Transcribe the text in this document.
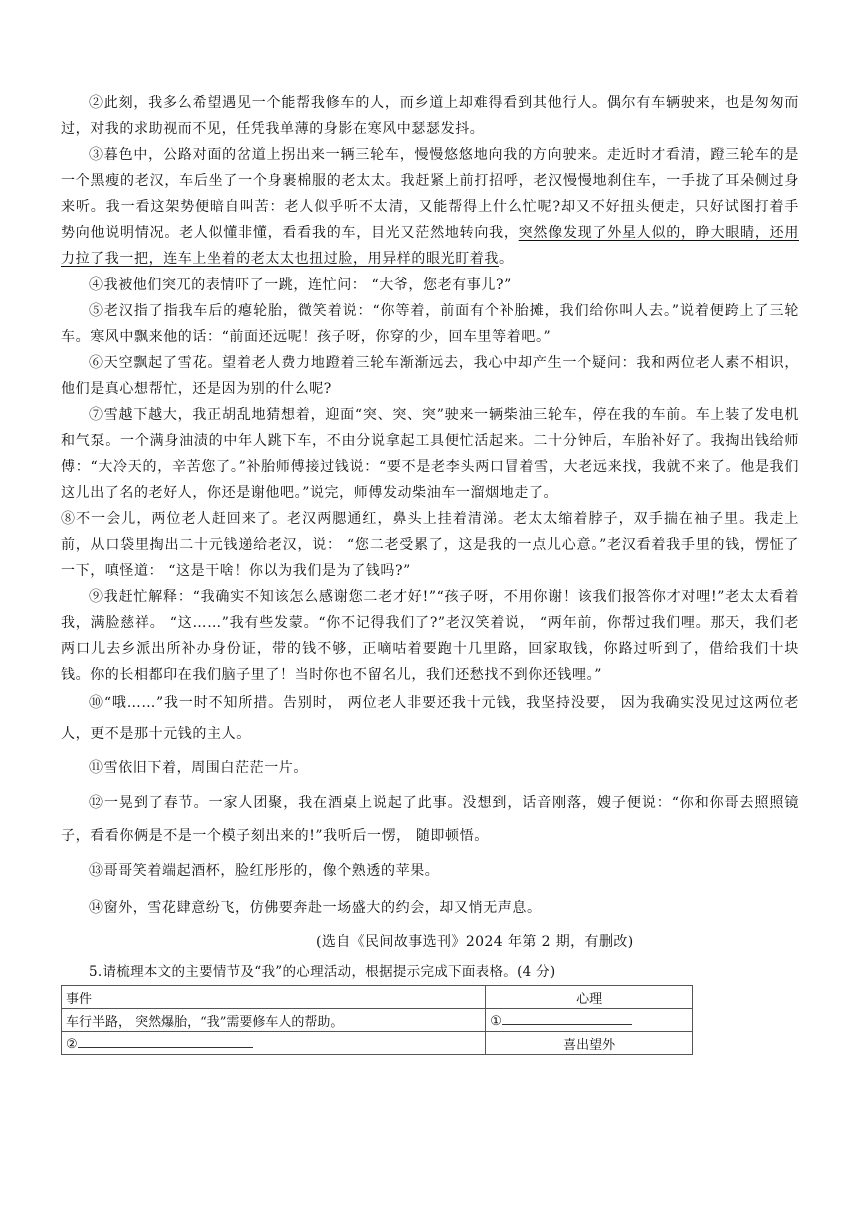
②此刻，我多么希望遇见一个能帮我修车的人，而乡道上却难得看到其他行人。偶尔有车辆驶来，也是匆匆而过，对我的求助视而不见，任凭我单薄的身影在寒风中瑟瑟发抖。

③暮色中，公路对面的岔道上拐出来一辆三轮车，慢慢悠悠地向我的方向驶来。走近时才看清，蹬三轮车的是一个黑瘦的老汉，车后坐了一个身裹棉服的老太太。我赶紧上前打招呼，老汉慢慢地刹住车，一手拢了耳朵侧过身来听。我一看这架势便暗自叫苦：老人似乎听不太清，又能帮得上什么忙呢?却又不好扭头便走，只好试图打着手势向他说明情况。老人似懂非懂，看看我的车，目光又茫然地转向我，突然像发现了外星人似的，睁大眼睛，还用力拉了我一把，连车上坐着的老太太也扭过脸，用异样的眼光盯着我。

④我被他们突兀的表情吓了一跳，连忙问： “大爷，您老有事儿?”

⑤老汉指了指我车后的瘪轮胎，微笑着说：“你等着，前面有个补胎摊，我们给你叫人去。”说着便跨上了三轮车。寒风中飘来他的话：“前面还远呢！孩子呀，你穿的少，回车里等着吧。”

⑥天空飘起了雪花。望着老人费力地蹬着三轮车渐渐远去，我心中却产生一个疑问：我和两位老人素不相识，他们是真心想帮忙，还是因为别的什么呢?

⑦雪越下越大，我正胡乱地猜想着，迎面“突、突、突”驶来一辆柴油三轮车，停在我的车前。车上装了发电机和气泵。一个满身油渍的中年人跳下车，不由分说拿起工具便忙活起来。二十分钟后，车胎补好了。我掏出钱给师傅：“大冷天的，辛苦您了。”补胎师傅接过钱说：“要不是老李头两口冒着雪，大老远来找，我就不来了。他是我们这儿出了名的老好人，你还是谢他吧。”说完，师傅发动柴油车一溜烟地走了。

⑧不一会儿，两位老人赶回来了。老汉两腮通红，鼻头上挂着清涕。老太太缩着脖子，双手揣在袖子里。我走上前，从口袋里掏出二十元钱递给老汉，说： “您二老受累了，这是我的一点儿心意。”老汉看着我手里的钱，愣怔了一下，嗔怪道： “这是干啥！你以为我们是为了钱吗?”

⑨我赶忙解释：“我确实不知该怎么感谢您二老才好!”“孩子呀，不用你谢！该我们报答你才对哩!”老太太看着我，满脸慈祥。 “这……”我有些发蒙。“你不记得我们了?”老汉笑着说， “两年前，你帮过我们哩。那天，我们老两口儿去乡派出所补办身份证，带的钱不够，正嘀咕着要跑十几里路，回家取钱，你路过听到了，借给我们十块钱。你的长相都印在我们脑子里了！当时你也不留名儿，我们还愁找不到你还钱哩。”

⑩“哦……”我一时不知所措。告别时， 两位老人非要还我十元钱，我坚持没要， 因为我确实没见过这两位老人，更不是那十元钱的主人。

⑪雪依旧下着，周围白茫茫一片。

⑫一晃到了春节。一家人团聚，我在酒桌上说起了此事。没想到，话音刚落，嫂子便说：“你和你哥去照照镜子，看看你俩是不是一个模子刻出来的!”我听后一愣， 随即顿悟。

⑬哥哥笑着端起酒杯，脸红彤彤的，像个熟透的苹果。

⑭窗外，雪花肆意纷飞，仿佛要奔赴一场盛大的约会，却又悄无声息。

(选自《民间故事选刊》2024 年第 2 期，有删改)

5.请梳理本文的主要情节及“我”的心理活动，根据提示完成下面表格。(4 分)

事件	心理
车行半路， 突然爆胎，“我”需要修车人的帮助。	①
②	喜出望外
